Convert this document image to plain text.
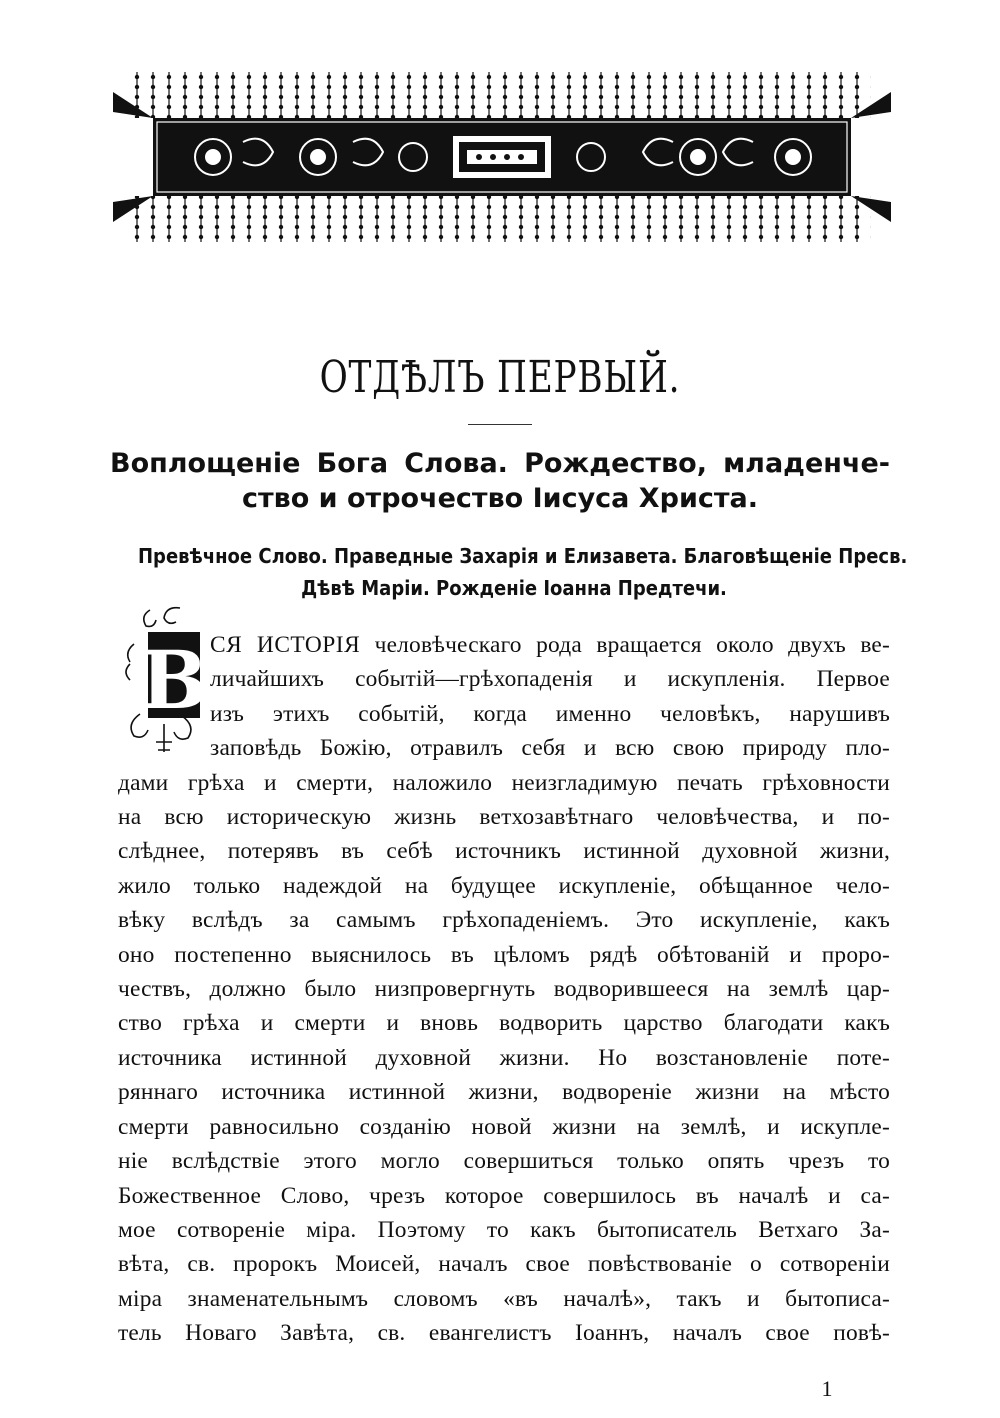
ОТДѢЛЪ ПЕРВЫЙ.
Воплощеніе Бога Слова. Рождество, младенче-
ство и отрочество Іисуса Христа.
Превѣчное Слово. Праведные Захарія и Елизавета. Благовѣщеніе Пресв.
Дѣвѣ Маріи. Рожденіе Іоанна Предтечи.
В СЯ ИСТОРІЯ человѣческаго рода вращается около двухъ ве-
личайшихъ событій—грѣхопаденія и искупленія. Первое
изъ этихъ событій, когда именно человѣкъ, нарушивъ
заповѣдь Божію, отравилъ себя и всю свою природу пло-
дами грѣха и смерти, наложило неизгладимую печать грѣховности
на всю историческую жизнь ветхозавѣтнаго человѣчества, и по-
слѣднее, потерявъ въ себѣ источникъ истинной духовной жизни,
жило только надеждой на будущее искупленіе, обѣщанное чело-
вѣку вслѣдъ за самымъ грѣхопаденіемъ. Это искупленіе, какъ
оно постепенно выяснилось въ цѣломъ рядѣ обѣтованій и проро-
чествъ, должно было низпровергнуть водворившееся на землѣ цар-
ство грѣха и смерти и вновь водворить царство благодати какъ
источника истинной духовной жизни. Но возстановленіе поте-
ряннаго источника истинной жизни, водвореніе жизни на мѣсто
смерти равносильно созданію новой жизни на землѣ, и искупле-
ніе вслѣдствіе этого могло совершиться только опять чрезъ то
Божественное Слово, чрезъ которое совершилось въ началѣ и са-
мое сотвореніе міра. Поэтому то какъ бытописатель Ветхаго За-
вѣта, св. пророкъ Моисей, началъ свое повѣствованіе о сотвореніи
міра знаменательнымъ словомъ «въ началѣ», такъ и бытописа-
тель Новаго Завѣта, св. евангелистъ Іоаннъ, началъ свое повѣ-
1
